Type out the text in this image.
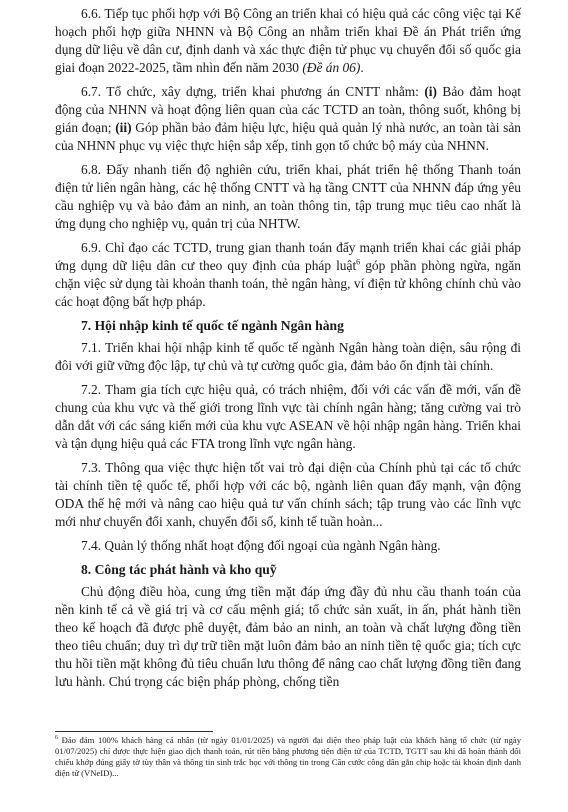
6.6. Tiếp tục phối hợp với Bộ Công an triển khai có hiệu quả các công việc tại Kế hoạch phối hợp giữa NHNN và Bộ Công an nhằm triển khai Đề án Phát triển ứng dụng dữ liệu về dân cư, định danh và xác thực điện tử phục vụ chuyển đổi số quốc gia giai đoạn 2022-2025, tầm nhìn đến năm 2030 (Đề án 06).

6.7. Tổ chức, xây dựng, triển khai phương án CNTT nhằm: (i) Bảo đảm hoạt động của NHNN và hoạt động liên quan của các TCTD an toàn, thông suốt, không bị gián đoạn; (ii) Góp phần bảo đảm hiệu lực, hiệu quả quản lý nhà nước, an toàn tài sản của NHNN phục vụ việc thực hiện sắp xếp, tinh gọn tổ chức bộ máy của NHNN.

6.8. Đẩy nhanh tiến độ nghiên cứu, triển khai, phát triển hệ thống Thanh toán điện tử liên ngân hàng, các hệ thống CNTT và hạ tầng CNTT của NHNN đáp ứng yêu cầu nghiệp vụ và bảo đảm an ninh, an toàn thông tin, tập trung mục tiêu cao nhất là ứng dụng cho nghiệp vụ, quản trị của NHTW.

6.9. Chỉ đạo các TCTD, trung gian thanh toán đẩy mạnh triển khai các giải pháp ứng dụng dữ liệu dân cư theo quy định của pháp luật$^6$ góp phần phòng ngừa, ngăn chặn việc sử dụng tài khoản thanh toán, thẻ ngân hàng, ví điện tử không chính chủ vào các hoạt động bất hợp pháp.

7. Hội nhập kinh tế quốc tế ngành Ngân hàng

7.1. Triển khai hội nhập kinh tế quốc tế ngành Ngân hàng toàn diện, sâu rộng đi đôi với giữ vững độc lập, tự chủ và tự cường quốc gia, đảm bảo ổn định tài chính.

7.2. Tham gia tích cực hiệu quả, có trách nhiệm, đối với các vấn đề mới, vấn đề chung của khu vực và thế giới trong lĩnh vực tài chính ngân hàng; tăng cường vai trò dẫn dắt với các sáng kiến mới của khu vực ASEAN về hội nhập ngân hàng. Triển khai và tận dụng hiệu quả các FTA trong lĩnh vực ngân hàng.

7.3. Thông qua việc thực hiện tốt vai trò đại diện của Chính phủ tại các tổ chức tài chính tiền tệ quốc tế, phối hợp với các bộ, ngành liên quan đẩy mạnh, vận động ODA thế hệ mới và nâng cao hiệu quả tư vấn chính sách; tập trung vào các lĩnh vực mới như chuyển đổi xanh, chuyển đổi số, kinh tế tuần hoàn...

7.4. Quản lý thống nhất hoạt động đối ngoại của ngành Ngân hàng.

8. Công tác phát hành và kho quỹ

Chủ động điều hòa, cung ứng tiền mặt đáp ứng đầy đủ nhu cầu thanh toán của nền kinh tế cả về giá trị và cơ cấu mệnh giá; tổ chức sản xuất, in ấn, phát hành tiền theo kế hoạch đã được phê duyệt, đảm bảo an ninh, an toàn và chất lượng đồng tiền theo tiêu chuẩn; duy trì dự trữ tiền mặt luôn đảm bảo an ninh tiền tệ quốc gia; tích cực thu hồi tiền mặt không đủ tiêu chuẩn lưu thông để nâng cao chất lượng đồng tiền đang lưu hành. Chú trọng các biện pháp phòng, chống tiền

$^6$ Đảo đảm 100% khách hàng cá nhân (từ ngày 01/01/2025) và người đại diện theo pháp luật của khách hàng tổ chức (từ ngày 01/07/2025) chỉ được thực hiện giao dịch thanh toán, rút tiền bằng phương tiện điện tử của TCTD, TGTT sau khi đã hoàn thành đối chiếu khớp đúng giấy tờ tùy thân và thông tin sinh trắc học với thông tin trong Căn cước công dân gắn chip hoặc tài khoản định danh điện tử (VNeID)...
